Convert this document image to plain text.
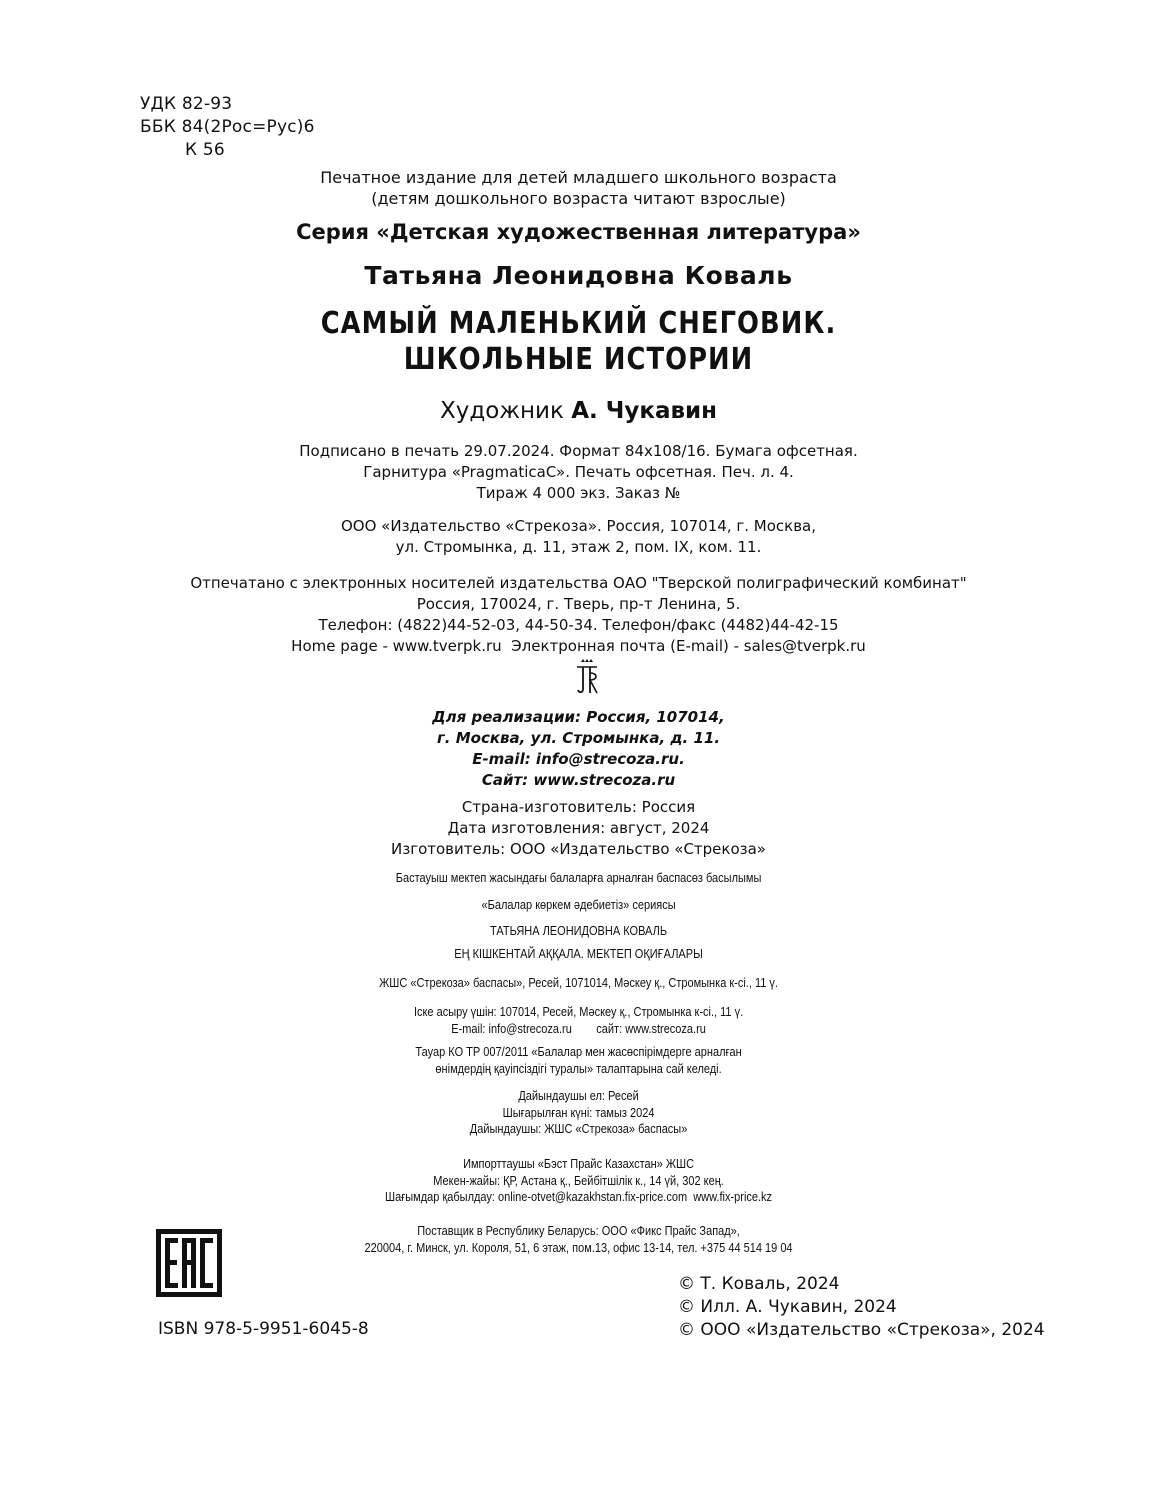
УДК 82-93
ББК 84(2Рос=Рус)6
К 56
Печатное издание для детей младшего школьного возраста
(детям дошкольного возраста читают взрослые)
Серия «Детская художественная литература»
Татьяна Леонидовна Коваль
САМЫЙ МАЛЕНЬКИЙ СНЕГОВИК.
ШКОЛЬНЫЕ ИСТОРИИ
Художник А. Чукавин
Подписано в печать 29.07.2024. Формат 84x108/16. Бумага офсетная.
Гарнитура «PragmaticaC». Печать офсетная. Печ. л. 4.
Тираж 4 000 экз. Заказ №
ООО «Издательство «Стрекоза». Россия, 107014, г. Москва,
ул. Стромынка, д. 11, этаж 2, пом. IX, ком. 11.
Отпечатано с электронных носителей издательства ОАО "Тверской полиграфический комбинат"
Россия, 170024, г. Тверь, пр-т Ленина, 5.
Телефон: (4822)44-52-03, 44-50-34. Телефон/факс (4482)44-42-15
Home page - www.tverpk.ru  Электронная почта (E-mail) - sales@tverpk.ru
Для реализации: Россия, 107014,
г. Москва, ул. Стромынка, д. 11.
E-mail: info@strecoza.ru.
Сайт: www.strecoza.ru
Страна-изготовитель: Россия
Дата изготовления: август, 2024
Изготовитель: ООО «Издательство «Стрекоза»
Бастауыш мектеп жасындағы балаларға арналған баспасөз басылымы
«Балалар көркем әдебиетіз» сериясы
ТАТЬЯНА ЛЕОНИДОВНА КОВАЛЬ
ЕҢ КІШКЕНТАЙ АҚҚАЛА. МЕКТЕП ОҚИҒАЛАРЫ
ЖШС «Стрекоза» баспасы», Ресей, 1071014, Мәскеу қ., Стромынка к-сі., 11 ү.
Іске асыру үшін: 107014, Ресей, Мәскеу қ., Стромынка к-сі., 11 ү.
E-mail: info@strecoza.ru        сайт: www.strecoza.ru
Тауар КО ТР 007/2011 «Балалар мен жасөспірімдерге арналған
өнімдердің қауіпсіздігі туралы» талаптарына сай келеді.
Дайындаушы ел: Ресей
Шығарылған күні: тамыз 2024
Дайындаушы: ЖШС «Стрекоза» баспасы»
Импорттаушы «Бэст Прайс Казахстан» ЖШС
Мекен-жайы: ҚР, Астана қ., Бейбітшілік к., 14 үй, 302 кең.
Шағымдар қабылдау: online-otvet@kazakhstan.fix-price.com  www.fix-price.kz
Поставщик в Республику Беларусь: ООО «Фикс Прайс Запад»,
220004, г. Минск, ул. Короля, 51, 6 этаж, пом.13, офис 13-14, тел. +375 44 514 19 04
ISBN 978-5-9951-6045-8
© Т. Коваль, 2024
© Илл. А. Чукавин, 2024
© ООО «Издательство «Стрекоза», 2024
